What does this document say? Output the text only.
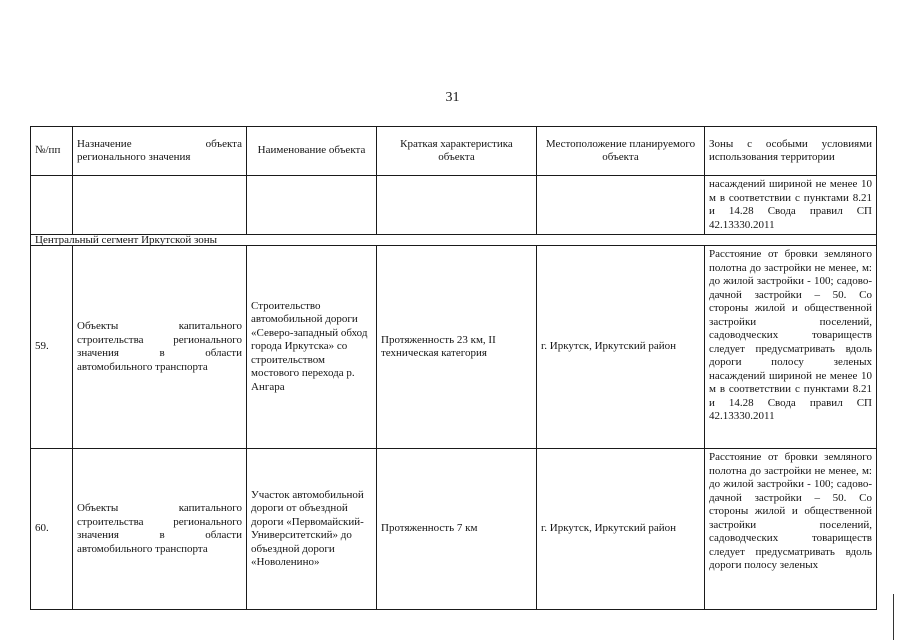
31
№/пп	Назначение объекта регионального значения	Наименование объекта	Краткая характеристика объекта	Местоположение планируемого объекта	Зоны с особыми условиями использования территории
					насаждений шириной не менее 10 м в соответствии с пунктами 8.21 и 14.28 Свода правил СП 42.13330.2011
Центральный сегмент Иркутской зоны					
59.	Объекты капитального строительства регионального значения в области автомобильного транспорта	Строительство автомобильной дороги «Северо-западный обход города Иркутска» со строительством мостового перехода р. Ангара	Протяженность 23 км, II техническая категория	г. Иркутск, Иркутский район	Расстояние от бровки земляного полотна до застройки не менее, м: до жилой застройки - 100; садово-дачной застройки – 50. Со стороны жилой и общественной застройки поселений, садоводческих товариществ следует предусматривать вдоль дороги полосу зеленых насаждений шириной не менее 10 м в соответствии с пунктами 8.21 и 14.28 Свода правил СП 42.13330.2011
60.	Объекты капитального строительства регионального значения в области автомобильного транспорта	Участок автомобильной дороги от объездной дороги «Первомайский-Университетский» до объездной дороги «Новоленино»	Протяженность 7 км	г. Иркутск, Иркутский район	Расстояние от бровки земляного полотна до застройки не менее, м: до жилой застройки - 100; садово-дачной застройки – 50. Со стороны жилой и общественной застройки поселений, садоводческих товариществ следует предусматривать вдоль дороги полосу зеленых
